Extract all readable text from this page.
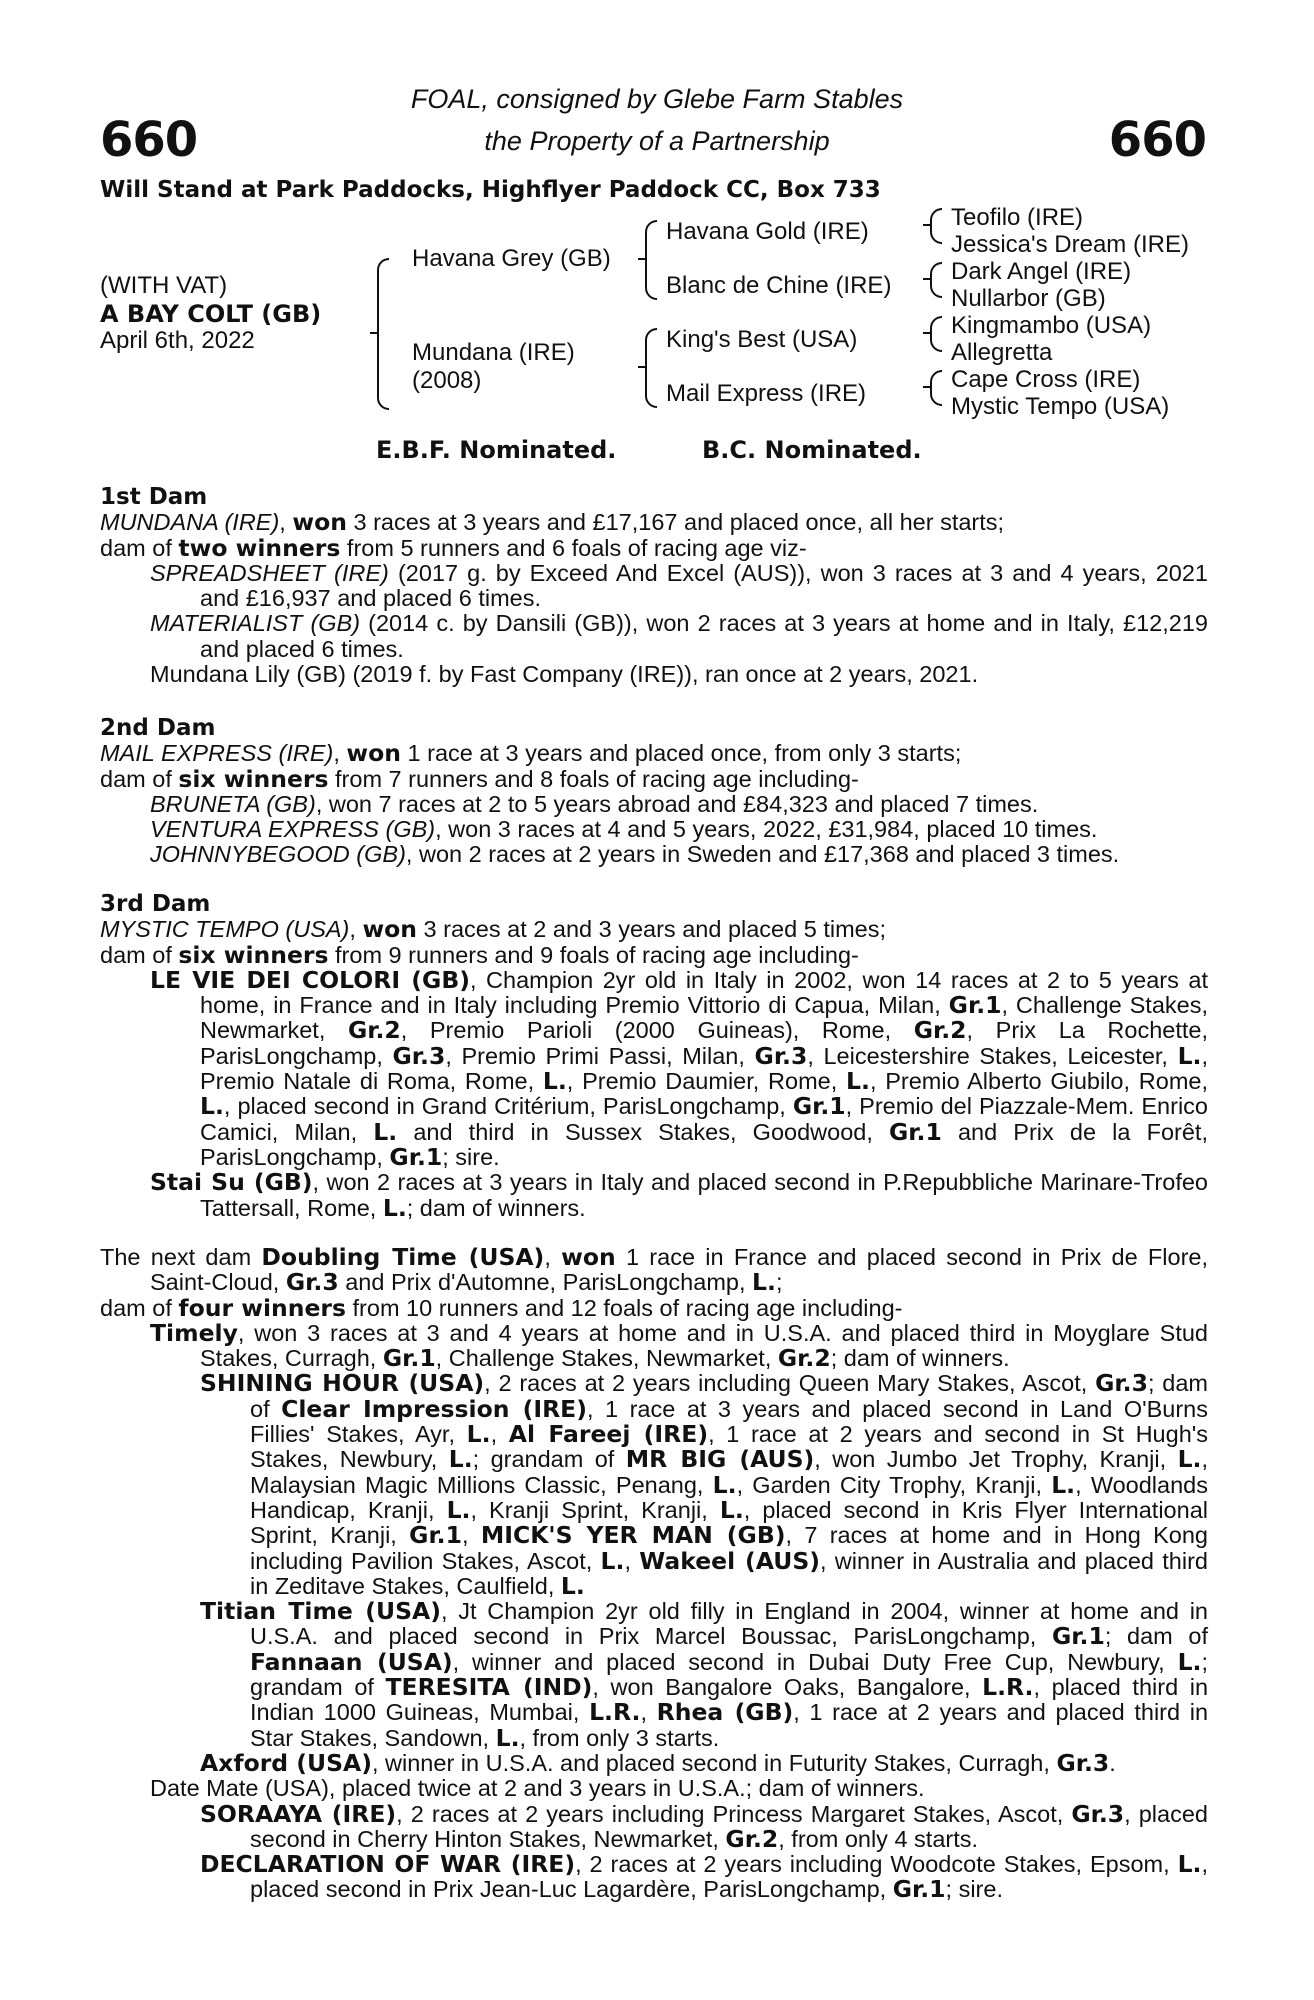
660	660
FOAL, consigned by Glebe Farm Stables
the Property of a Partnership
Will Stand at Park Paddocks, Highflyer Paddock CC, Box 733
(WITH VAT)
A BAY COLT (GB)
April 6th, 2022
Havana Grey (GB)
Mundana (IRE)
(2008)
Havana Gold (IRE)
Blanc de Chine (IRE)
King's Best (USA)
Mail Express (IRE)
Teofilo (IRE)
Jessica's Dream (IRE)
Dark Angel (IRE)
Nullarbor (GB)
Kingmambo (USA)
Allegretta
Cape Cross (IRE)
Mystic Tempo (USA)
E.B.F. Nominated.	B.C. Nominated.

1st Dam

MUNDANA (IRE), won 3 races at 3 years and £17,167 and placed once, all her starts;

dam of two winners from 5 runners and 6 foals of racing age viz-

SPREADSHEET (IRE) (2017 g. by Exceed And Excel (AUS)), won 3 races at 3 and 4 years, 2021 and £16,937 and placed 6 times.

MATERIALIST (GB) (2014 c. by Dansili (GB)), won 2 races at 3 years at home and in Italy, £12,219 and placed 6 times.

Mundana Lily (GB) (2019 f. by Fast Company (IRE)), ran once at 2 years, 2021.

2nd Dam

MAIL EXPRESS (IRE), won 1 race at 3 years and placed once, from only 3 starts;

dam of six winners from 7 runners and 8 foals of racing age including-

BRUNETA (GB), won 7 races at 2 to 5 years abroad and £84,323 and placed 7 times.

VENTURA EXPRESS (GB), won 3 races at 4 and 5 years, 2022, £31,984, placed 10 times.

JOHNNYBEGOOD (GB), won 2 races at 2 years in Sweden and £17,368 and placed 3 times.

3rd Dam

MYSTIC TEMPO (USA), won 3 races at 2 and 3 years and placed 5 times;

dam of six winners from 9 runners and 9 foals of racing age including-

LE VIE DEI COLORI (GB), Champion 2yr old in Italy in 2002, won 14 races at 2 to 5 years at home, in France and in Italy including Premio Vittorio di Capua, Milan, Gr.1, Challenge Stakes, Newmarket, Gr.2, Premio Parioli (2000 Guineas), Rome, Gr.2, Prix La Rochette, ParisLongchamp, Gr.3, Premio Primi Passi, Milan, Gr.3, Leicestershire Stakes, Leicester, L., Premio Natale di Roma, Rome, L., Premio Daumier, Rome, L., Premio Alberto Giubilo, Rome, L., placed second in Grand Critérium, ParisLongchamp, Gr.1, Premio del Piazzale-Mem. Enrico Camici, Milan, L. and third in Sussex Stakes, Goodwood, Gr.1 and Prix de la Forêt, ParisLongchamp, Gr.1; sire.

Stai Su (GB), won 2 races at 3 years in Italy and placed second in P.Repubbliche Marinare-Trofeo Tattersall, Rome, L.; dam of winners.

The next dam Doubling Time (USA), won 1 race in France and placed second in Prix de Flore, Saint-Cloud, Gr.3 and Prix d'Automne, ParisLongchamp, L.;

dam of four winners from 10 runners and 12 foals of racing age including-

Timely, won 3 races at 3 and 4 years at home and in U.S.A. and placed third in Moyglare Stud Stakes, Curragh, Gr.1, Challenge Stakes, Newmarket, Gr.2; dam of winners.

SHINING HOUR (USA), 2 races at 2 years including Queen Mary Stakes, Ascot, Gr.3; dam of Clear Impression (IRE), 1 race at 3 years and placed second in Land O'Burns Fillies' Stakes, Ayr, L., Al Fareej (IRE), 1 race at 2 years and second in St Hugh's Stakes, Newbury, L.; grandam of MR BIG (AUS), won Jumbo Jet Trophy, Kranji, L., Malaysian Magic Millions Classic, Penang, L., Garden City Trophy, Kranji, L., Woodlands Handicap, Kranji, L., Kranji Sprint, Kranji, L., placed second in Kris Flyer International Sprint, Kranji, Gr.1, MICK'S YER MAN (GB), 7 races at home and in Hong Kong including Pavilion Stakes, Ascot, L., Wakeel (AUS), winner in Australia and placed third in Zeditave Stakes, Caulfield, L.

Titian Time (USA), Jt Champion 2yr old filly in England in 2004, winner at home and in U.S.A. and placed second in Prix Marcel Boussac, ParisLongchamp, Gr.1; dam of Fannaan (USA), winner and placed second in Dubai Duty Free Cup, Newbury, L.; grandam of TERESITA (IND), won Bangalore Oaks, Bangalore, L.R., placed third in Indian 1000 Guineas, Mumbai, L.R., Rhea (GB), 1 race at 2 years and placed third in Star Stakes, Sandown, L., from only 3 starts.

Axford (USA), winner in U.S.A. and placed second in Futurity Stakes, Curragh, Gr.3.

Date Mate (USA), placed twice at 2 and 3 years in U.S.A.; dam of winners.

SORAAYA (IRE), 2 races at 2 years including Princess Margaret Stakes, Ascot, Gr.3, placed second in Cherry Hinton Stakes, Newmarket, Gr.2, from only 4 starts.

DECLARATION OF WAR (IRE), 2 races at 2 years including Woodcote Stakes, Epsom, L., placed second in Prix Jean-Luc Lagardère, ParisLongchamp, Gr.1; sire.
